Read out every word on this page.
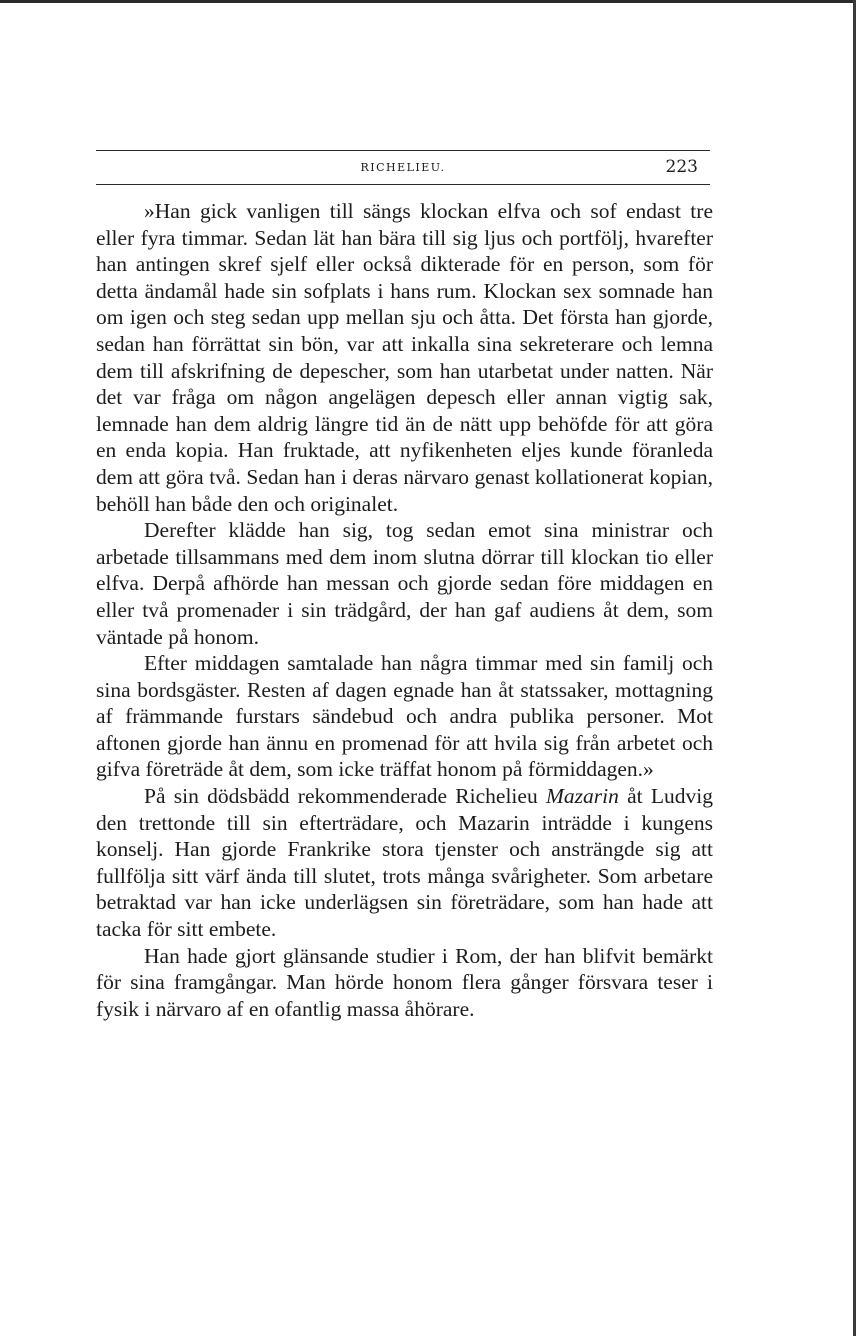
RICHELIEU.	223

»Han gick vanligen till sängs klockan elfva och sof endast tre eller fyra timmar. Sedan lät han bära till sig ljus och portfölj, hvarefter han antingen skref sjelf eller också dikterade för en person, som för detta ändamål hade sin sofplats i hans rum. Klockan sex somnade han om igen och steg sedan upp mellan sju och åtta. Det första han gjorde, sedan han förrättat sin bön, var att inkalla sina sekreterare och lemna dem till afskrifning de depescher, som han utarbetat under natten. När det var fråga om någon angelägen depesch eller annan vigtig sak, lemnade han dem aldrig längre tid än de nätt upp behöfde för att göra en enda kopia. Han fruktade, att nyfikenheten eljes kunde föranleda dem att göra två. Sedan han i deras närvaro genast kollationerat kopian, behöll han både den och originalet.

Derefter klädde han sig, tog sedan emot sina ministrar och arbetade tillsammans med dem inom slutna dörrar till klockan tio eller elfva. Derpå afhörde han messan och gjorde sedan före middagen en eller två promenader i sin trädgård, der han gaf audiens åt dem, som väntade på honom.

Efter middagen samtalade han några timmar med sin familj och sina bordsgäster. Resten af dagen egnade han åt statssaker, mottagning af främmande furstars sändebud och andra publika personer. Mot aftonen gjorde han ännu en promenad för att hvila sig från arbetet och gifva företräde åt dem, som icke träffat honom på förmiddagen.»

På sin dödsbädd rekommenderade Richelieu Mazarin åt Ludvig den trettonde till sin efterträdare, och Mazarin inträdde i kungens konselj. Han gjorde Frankrike stora tjenster och ansträngde sig att fullfölja sitt värf ända till slutet, trots många svårigheter. Som arbetare betraktad var han icke underlägsen sin företrädare, som han hade att tacka för sitt embete.

Han hade gjort glänsande studier i Rom, der han blifvit bemärkt för sina framgångar. Man hörde honom flera gånger försvara teser i fysik i närvaro af en ofantlig massa åhörare.
